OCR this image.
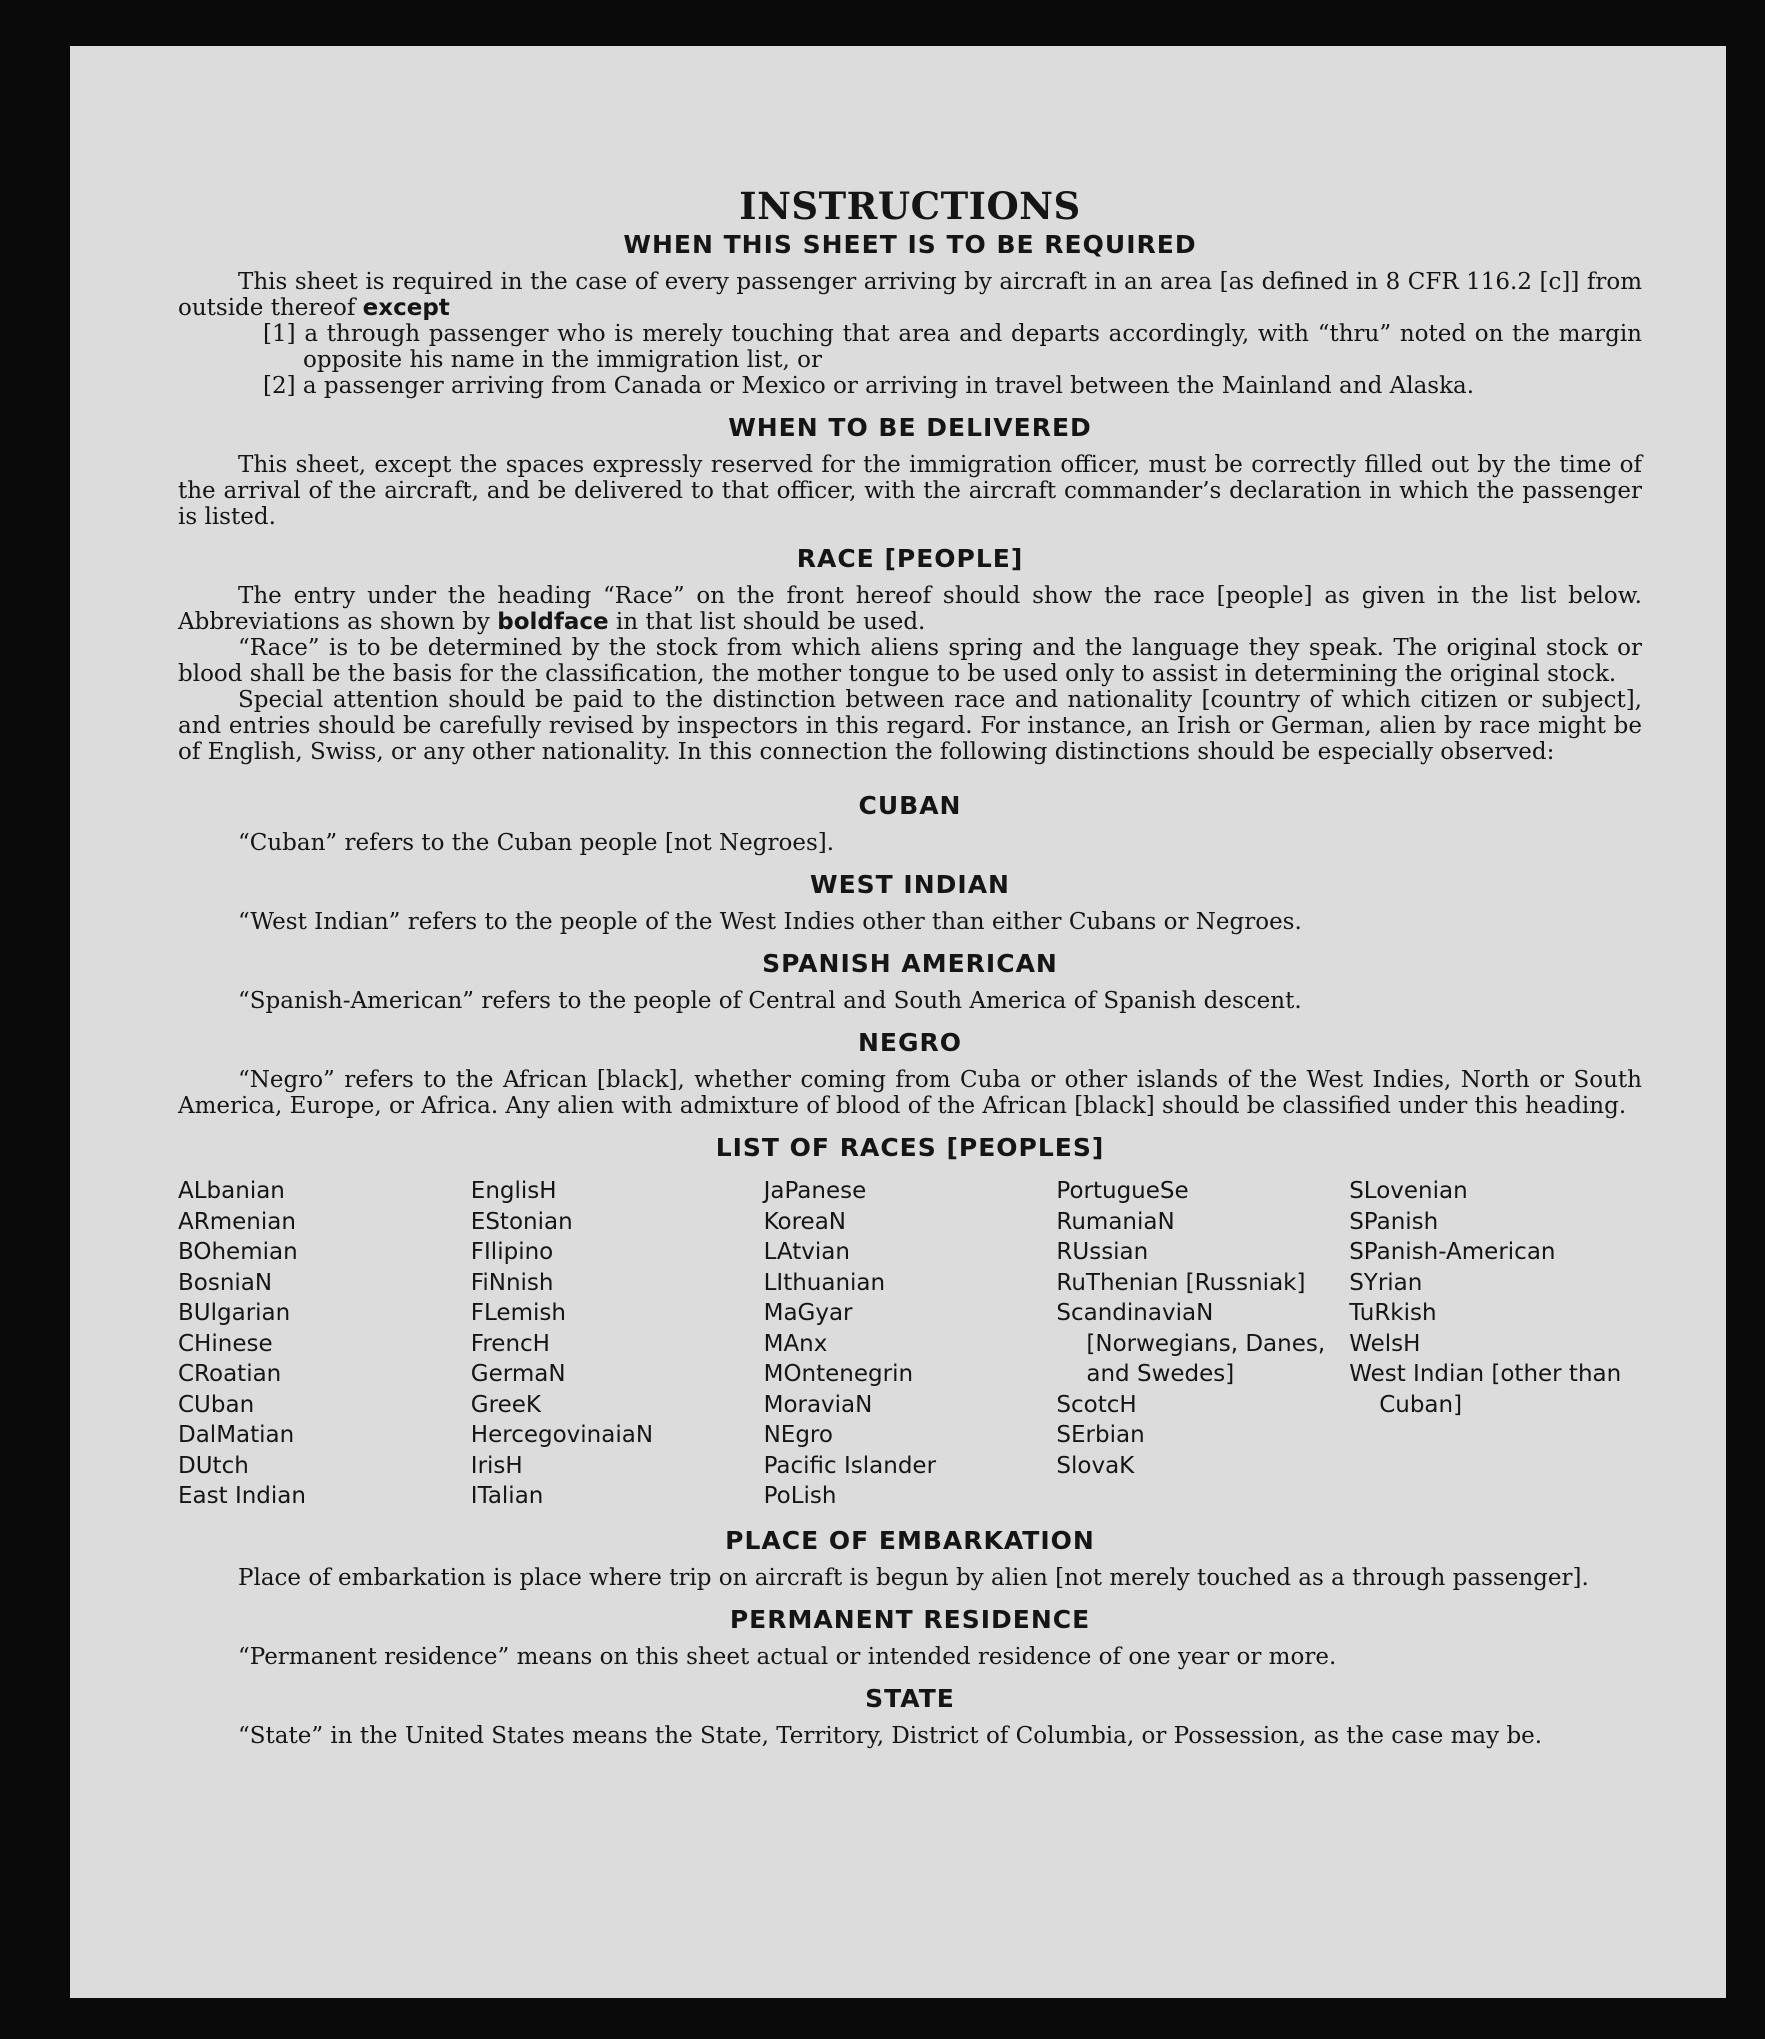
INSTRUCTIONS
WHEN THIS SHEET IS TO BE REQUIRED

This sheet is required in the case of every passenger arriving by aircraft in an area [as defined in 8 CFR 116.2 [c]] from outside thereof except

[1] a through passenger who is merely touching that area and departs accordingly, with “thru” noted on the margin opposite his name in the immigration list, or

[2] a passenger arriving from Canada or Mexico or arriving in travel between the Mainland and Alaska.

WHEN TO BE DELIVERED

This sheet, except the spaces expressly reserved for the immigration officer, must be correctly filled out by the time of the arrival of the aircraft, and be delivered to that officer, with the aircraft commander’s declaration in which the passenger is listed.

RACE [PEOPLE]

The entry under the heading “Race” on the front hereof should show the race [people] as given in the list below. Abbreviations as shown by boldface in that list should be used.

“Race” is to be determined by the stock from which aliens spring and the language they speak. The original stock or blood shall be the basis for the classification, the mother tongue to be used only to assist in determining the original stock.

Special attention should be paid to the distinction between race and nationality [country of which citizen or subject], and entries should be carefully revised by inspectors in this regard. For instance, an Irish or German, alien by race might be of English, Swiss, or any other nationality. In this connection the following distinctions should be especially observed:

CUBAN

“Cuban” refers to the Cuban people [not Negroes].

WEST INDIAN

“West Indian” refers to the people of the West Indies other than either Cubans or Negroes.

SPANISH AMERICAN

“Spanish-American” refers to the people of Central and South America of Spanish descent.

NEGRO

“Negro” refers to the African [black], whether coming from Cuba or other islands of the West Indies, North or South America, Europe, or Africa. Any alien with admixture of blood of the African [black] should be classified under this heading.

LIST OF RACES [PEOPLES]
ALbanian
ARmenian
BOhemian
BosniaN
BUlgarian
CHinese
CRoatian
CUban
DalMatian
DUtch
East Indian
EnglisH
EStonian
FIlipino
FiNnish
FLemish
FrencH
GermaN
GreeK
HercegovinaiaN
IrisH
ITalian
JaPanese
KoreaN
LAtvian
LIthuanian
MaGyar
MAnx
MOntenegrin
MoraviaN
NEgro
Pacific Islander
PoLish
PortugueSe
RumaniaN
RUssian
RuThenian [Russniak]
ScandinaviaN [Norwegians, Danes, and Swedes]
ScotcH
SErbian
SlovaK
SLovenian
SPanish
SPanish-American
SYrian
TuRkish
WelsH
West Indian [other than Cuban]
PLACE OF EMBARKATION

Place of embarkation is place where trip on aircraft is begun by alien [not merely touched as a through passenger].

PERMANENT RESIDENCE

“Permanent residence” means on this sheet actual or intended residence of one year or more.

STATE

“State” in the United States means the State, Territory, District of Columbia, or Possession, as the case may be.
